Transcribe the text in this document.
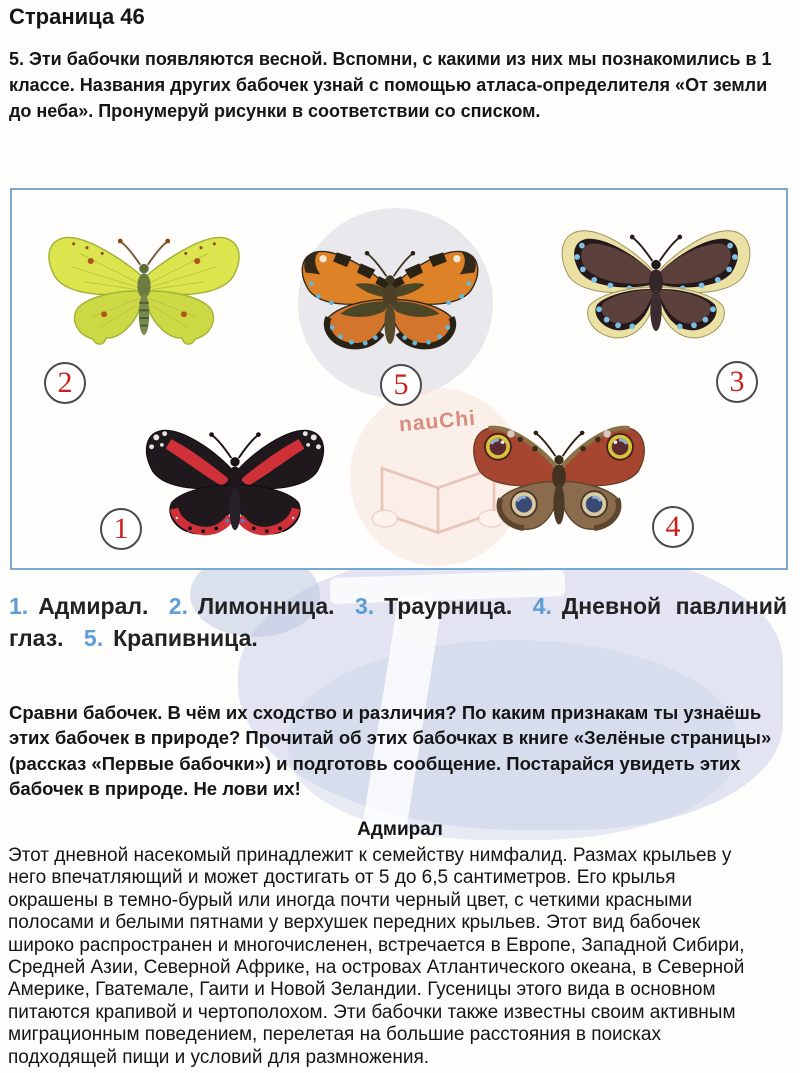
Страница 46

5. Эти бабочки появляются весной. Вспомни, с какими из них мы познакомились в 1 классе. Названия других бабочек узнай с помощью атласа-определителя «От земли до неба». Пронумеруй рисунки в соответствии со списком.

nauChi
2	5	3
1	4

1. Адмирал. 2. Лимонница. 3. Траурница. 4. Дневной павлиний глаз. 5. Крапивница.

Сравни бабочек. В чём их сходство и различия? По каким признакам ты узнаёшь этих бабочек в природе? Прочитай об этих бабочках в книге «Зелёные страницы» (рассказ «Первые бабочки») и подготовь сообщение. Постарайся увидеть этих бабочек в природе. Не лови их!

Адмирал

Этот дневной насекомый принадлежит к семейству нимфалид. Размах крыльев у него впечатляющий и может достигать от 5 до 6,5 сантиметров. Его крылья окрашены в темно-бурый или иногда почти черный цвет, с четкими красными полосами и белыми пятнами у верхушек передних крыльев. Этот вид бабочек широко распространен и многочисленен, встречается в Европе, Западной Сибири, Средней Азии, Северной Африке, на островах Атлантического океана, в Северной Америке, Гватемале, Гаити и Новой Зеландии. Гусеницы этого вида в основном питаются крапивой и чертополохом. Эти бабочки также известны своим активным миграционным поведением, перелетая на большие расстояния в поисках подходящей пищи и условий для размножения.
